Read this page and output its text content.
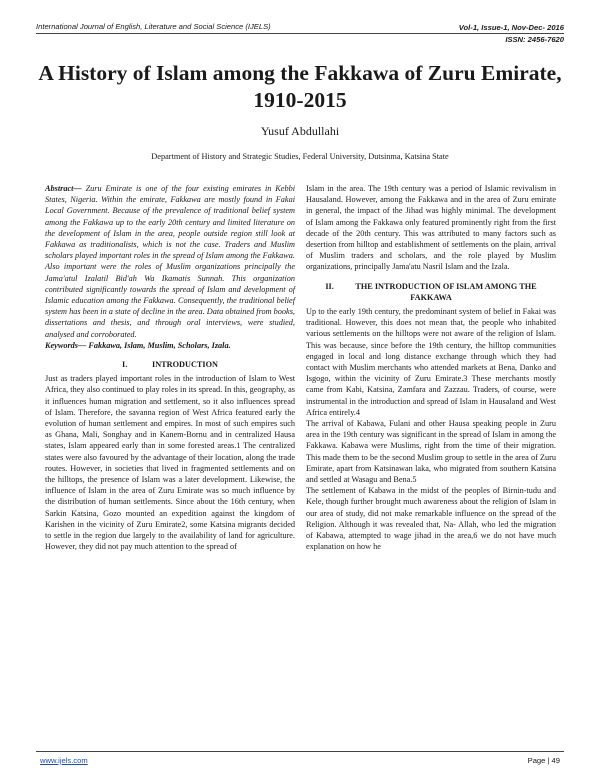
International Journal of English, Literature and Social Science (IJELS)	Vol-1, Issue-1, Nov-Dec- 2016
ISSN: 2456-7620
A History of Islam among the Fakkawa of Zuru Emirate, 1910-2015
Yusuf Abdullahi
Department of History and Strategic Studies, Federal University, Dutsinma, Katsina State

Abstract— Zuru Emirate is one of the four existing emirates in Kebbi States, Nigeria. Within the emirate, Fakkawa are mostly found in Fakai Local Government. Because of the prevalence of traditional belief system among the Fakkawa up to the early 20th century and limited literature on the development of Islam in the area, people outside region still look at Fakkawa as traditionalists, which is not the case. Traders and Muslim scholars played important roles in the spread of Islam among the Fakkawa. Also important were the roles of Muslim organizations principally the Jama'atul Izalatil Bid'ah Wa Ikamatis Sunnah. This organization contributed significantly towards the spread of Islam and development of Islamic education among the Fakkawa. Consequently, the traditional belief system has been in a state of decline in the area. Data obtained from books, dissertations and thesis, and through oral interviews, were studied, analysed and corroborated.

Keywords— Fakkawa, Islam, Muslim, Scholars, Izala.

I.	INTRODUCTION

Just as traders played important roles in the introduction of Islam to West Africa, they also continued to play roles in its spread. In this, geography, as it influences human migration and settlement, so it also influences spread of Islam. Therefore, the savanna region of West Africa featured early the evolution of human settlement and empires. In most of such empires such as Ghana, Mali, Songhay and in Kanem-Bornu and in centralized Hausa states, Islam appeared early than in some forested areas.1 The centralized states were also favoured by the advantage of their location, along the trade routes. However, in societies that lived in fragmented settlements and on the hilltops, the presence of Islam was a later development. Likewise, the influence of Islam in the area of Zuru Emirate was so much influence by the distribution of human settlements. Since about the 16th century, when Sarkin Katsina, Gozo mounted an expedition against the kingdom of Karishen in the vicinity of Zuru Emirate2, some Katsina migrants decided to settle in the region due largely to the availability of land for agriculture. However, they did not pay much attention to the spread of

Islam in the area. The 19th century was a period of Islamic revivalism in Hausaland. However, among the Fakkawa and in the area of Zuru emirate in general, the impact of the Jihad was highly minimal. The development of Islam among the Fakkawa only featured prominently right from the first decade of the 20th century. This was attributed to many factors such as desertion from hilltop and establishment of settlements on the plain, arrival of Muslim traders and scholars, and the role played by Muslim organizations, principally Jama'atu Nasril Islam and the Izala.

II.	THE INTRODUCTION OF ISLAM AMONG THE FAKKAWA

Up to the early 19th century, the predominant system of belief in Fakai was traditional. However, this does not mean that, the people who inhabited various settlements on the hilltops were not aware of the religion of Islam. This was because, since before the 19th century, the hilltop communities engaged in local and long distance exchange through which they had contact with Muslim merchants who attended markets at Bena, Danko and Isgogo, within the vicinity of Zuru Emirate.3 These merchants mostly came from Kabi, Katsina, Zamfara and Zazzau. Traders, of course, were instrumental in the introduction and spread of Islam in Hausaland and West Africa entirely.4

The arrival of Kabawa, Fulani and other Hausa speaking people in Zuru area in the 19th century was significant in the spread of Islam in among the Fakkawa. Kabawa were Muslims, right from the time of their migration. This made them to be the second Muslim group to settle in the area of Zuru Emirate, apart from Katsinawan laka, who migrated from southern Katsina and settled at Wasagu and Bena.5

The settlement of Kabawa in the midst of the peoples of Birnin-tudu and Kele, though further brought much awareness about the religion of Islam in our area of study, did not make remarkable influence on the spread of the Religion. Although it was revealed that, Na- Allah, who led the migration of Kabawa, attempted to wage jihad in the area,6 we do not have much explanation on how he

www.ijels.com	Page | 49
